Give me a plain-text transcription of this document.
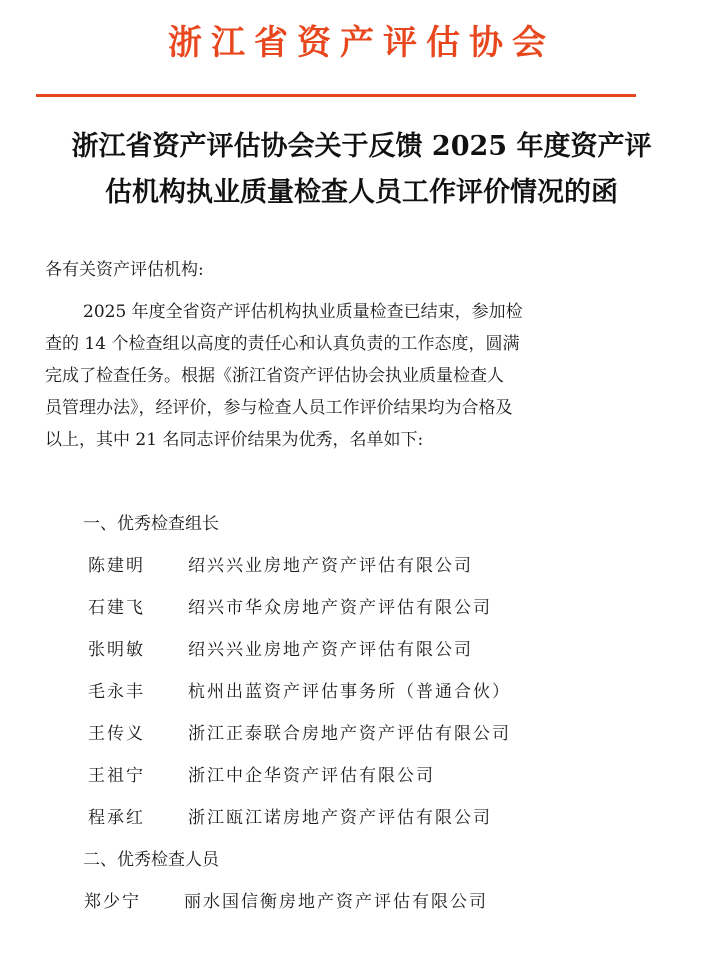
浙江省资产评估协会
浙江省资产评估协会关于反馈 2025 年度资产评
估机构执业质量检查人员工作评价情况的函
各有关资产评估机构:
2025 年度全省资产评估机构执业质量检查已结束，参加检
查的 14 个检查组以高度的责任心和认真负责的工作态度，圆满
完成了检查任务。根据《浙江省资产评估协会执业质量检查人
员管理办法》，经评价，参与检查人员工作评价结果均为合格及
以上，其中 21 名同志评价结果为优秀，名单如下:
一、优秀检查组长
陈建明	绍兴兴业房地产资产评估有限公司
石建飞	绍兴市华众房地产资产评估有限公司
张明敏	绍兴兴业房地产资产评估有限公司
毛永丰	杭州出蓝资产评估事务所（普通合伙）
王传义	浙江正泰联合房地产资产评估有限公司
王祖宁	浙江中企华资产评估有限公司
程承红	浙江瓯江诺房地产资产评估有限公司
二、优秀检查人员
郑少宁	丽水国信衡房地产资产评估有限公司
